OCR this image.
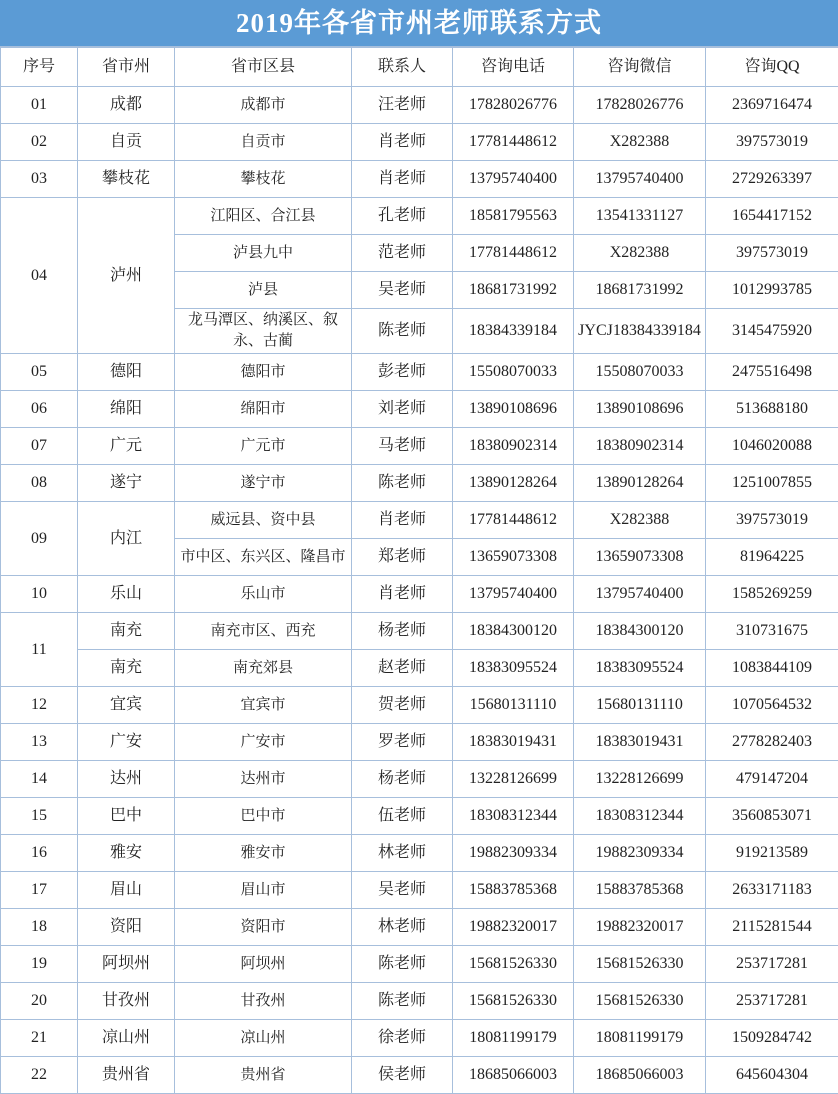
2019年各省市州老师联系方式
序号	省市州	省市区县	联系人	咨询电话	咨询微信	咨询QQ
01	成都	成都市	汪老师	17828026776	17828026776	2369716474
02	自贡	自贡市	肖老师	17781448612	X282388	397573019
03	攀枝花	攀枝花	肖老师	13795740400	13795740400	2729263397
04	泸州	江阳区、合江县	孔老师	18581795563	13541331127	1654417152
		泸县九中	范老师	17781448612	X282388	397573019
		泸县	吴老师	18681731992	18681731992	1012993785
		龙马潭区、纳溪区、叙永、古蔺	陈老师	18384339184	JYCJ18384339184	3145475920
05	德阳	德阳市	彭老师	15508070033	15508070033	2475516498
06	绵阳	绵阳市	刘老师	13890108696	13890108696	513688180
07	广元	广元市	马老师	18380902314	18380902314	1046020088
08	遂宁	遂宁市	陈老师	13890128264	13890128264	1251007855
09	内江	威远县、资中县	肖老师	17781448612	X282388	397573019
		市中区、东兴区、隆昌市	郑老师	13659073308	13659073308	81964225
10	乐山	乐山市	肖老师	13795740400	13795740400	1585269259
11	南充	南充市区、西充	杨老师	18384300120	18384300120	310731675
	南充	南充郊县	赵老师	18383095524	18383095524	1083844109
12	宜宾	宜宾市	贺老师	15680131110	15680131110	1070564532
13	广安	广安市	罗老师	18383019431	18383019431	2778282403
14	达州	达州市	杨老师	13228126699	13228126699	479147204
15	巴中	巴中市	伍老师	18308312344	18308312344	3560853071
16	雅安	雅安市	林老师	19882309334	19882309334	919213589
17	眉山	眉山市	吴老师	15883785368	15883785368	2633171183
18	资阳	资阳市	林老师	19882320017	19882320017	2115281544
19	阿坝州	阿坝州	陈老师	15681526330	15681526330	253717281
20	甘孜州	甘孜州	陈老师	15681526330	15681526330	253717281
21	凉山州	凉山州	徐老师	18081199179	18081199179	1509284742
22	贵州省	贵州省	侯老师	18685066003	18685066003	645604304
